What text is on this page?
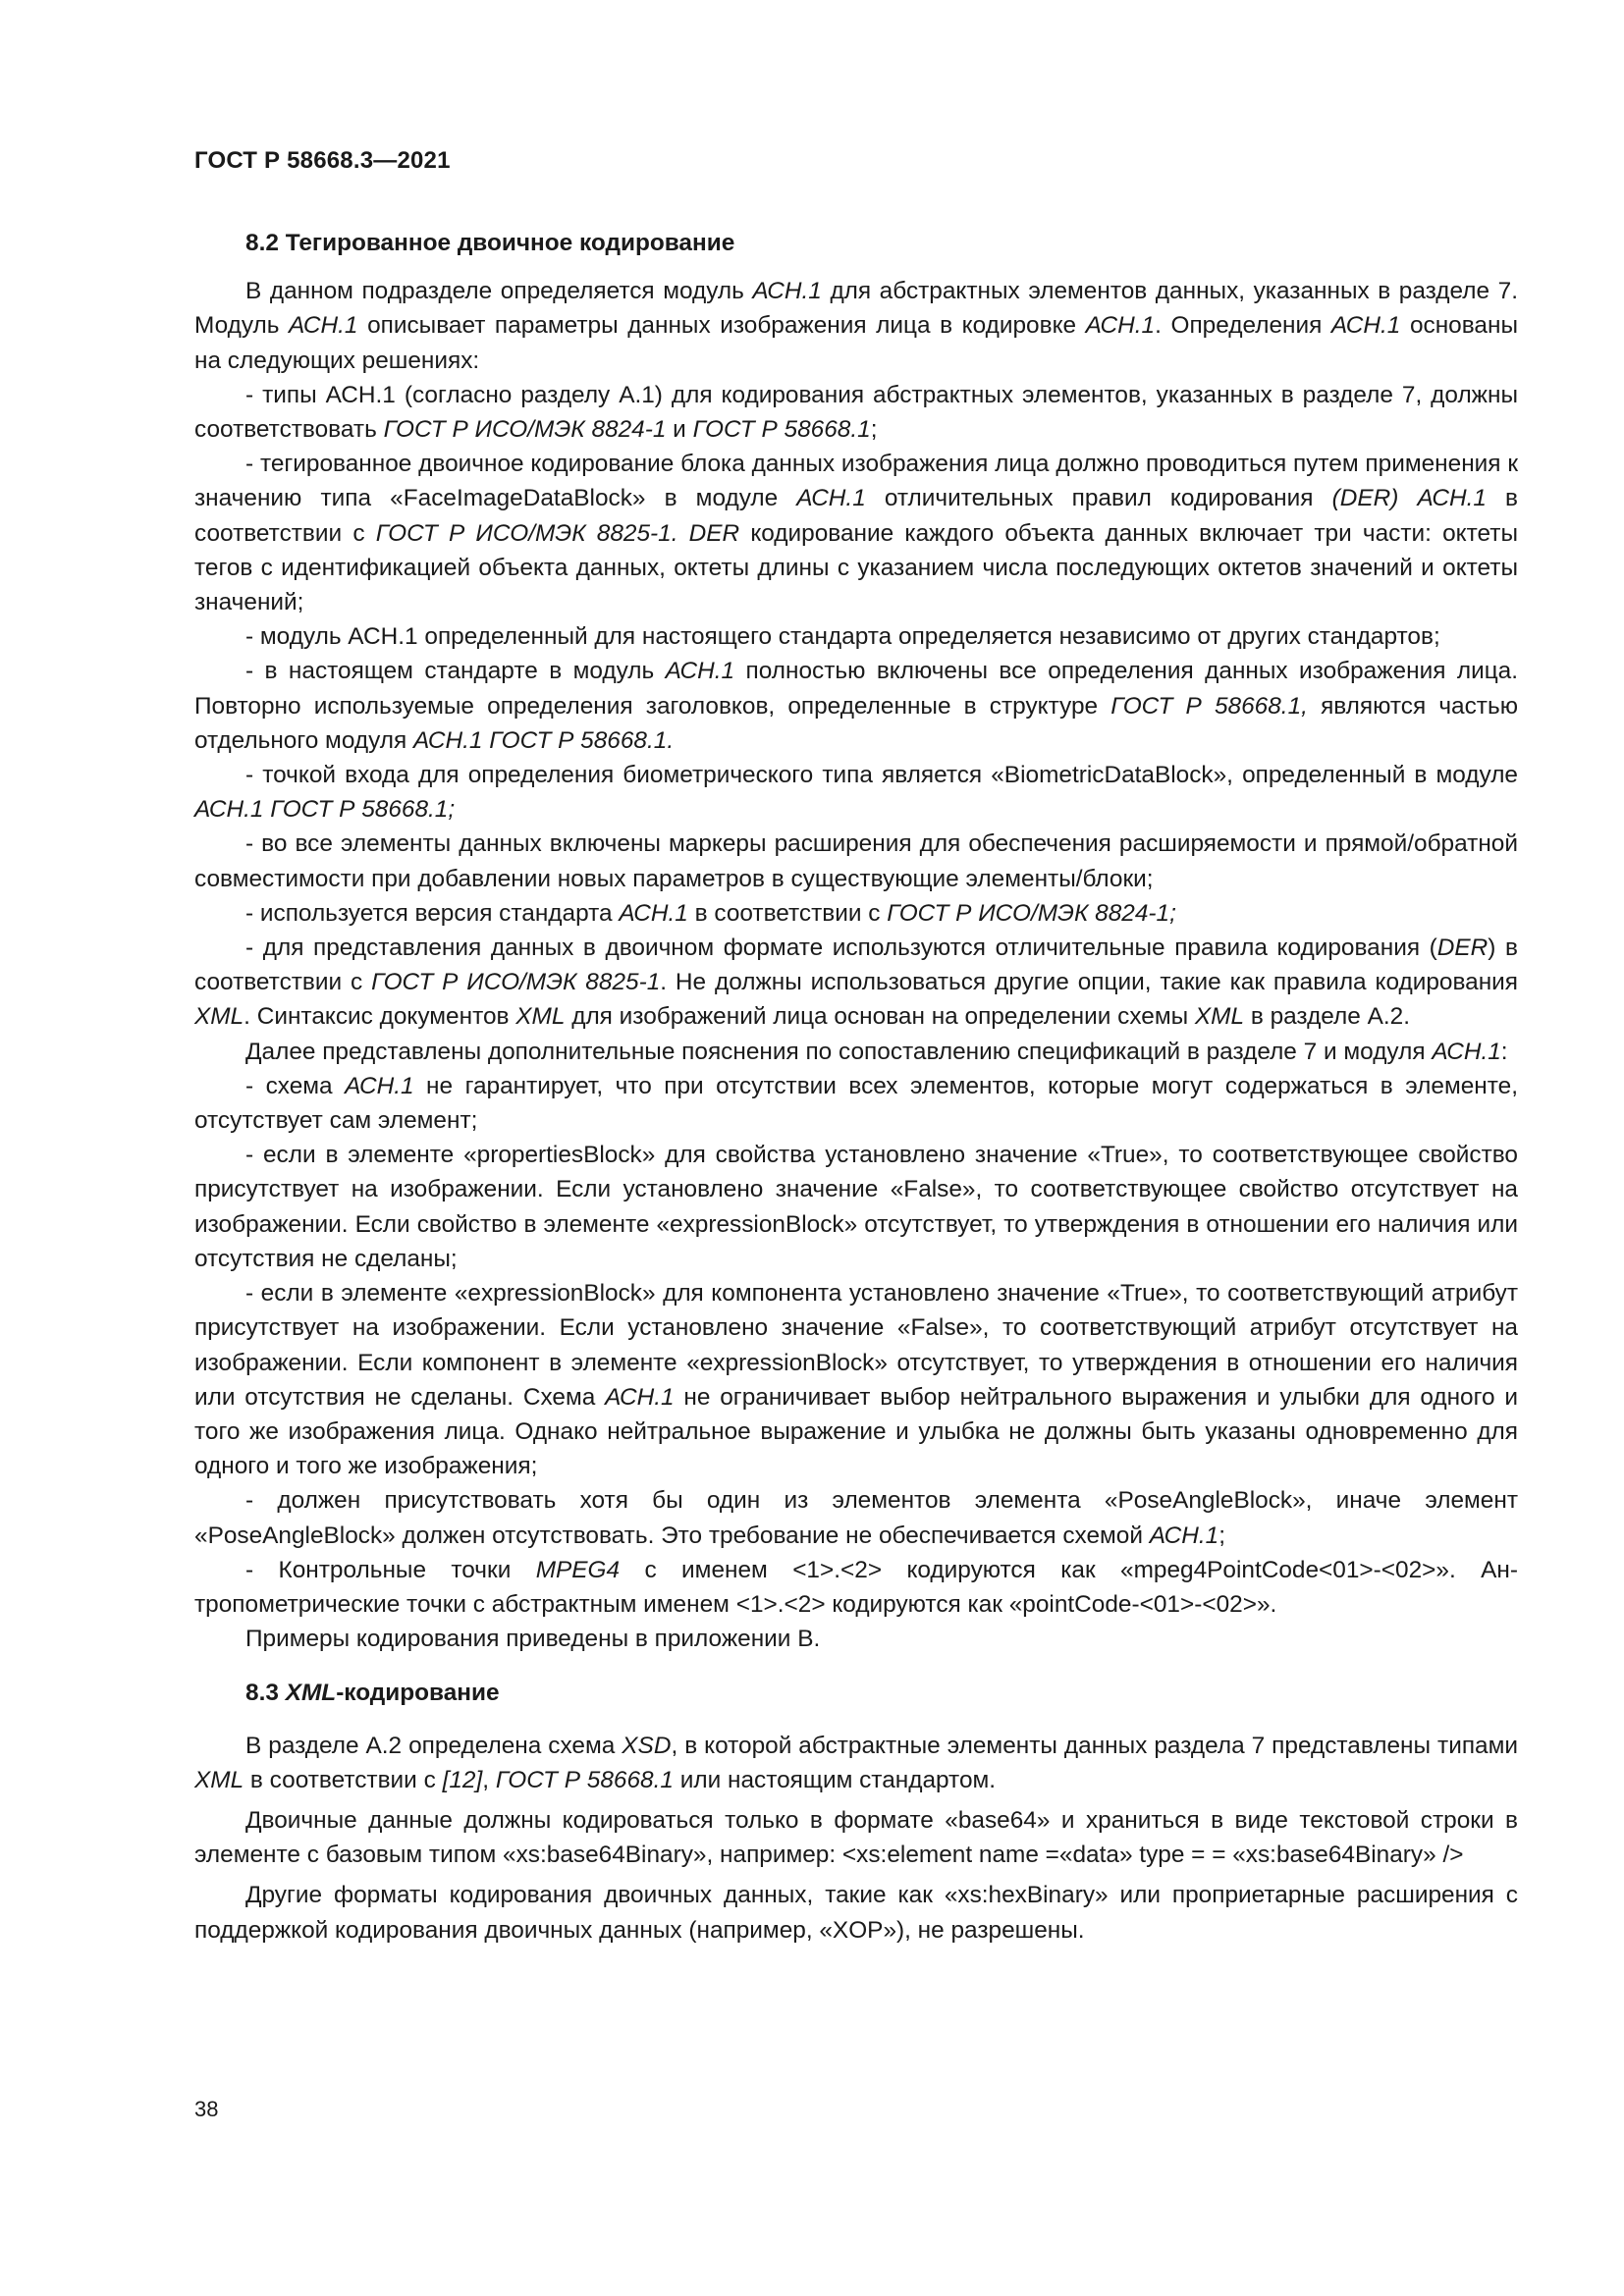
ГОСТ Р 58668.3—2021
8.2 Тегированное двоичное кодирование

В данном подразделе определяется модуль АСН.1 для абстрактных элементов данных, указанных в разделе 7. Модуль АСН.1 описывает параметры данных изображения лица в кодировке АСН.1. Определения АСН.1 основаны на следующих решениях:

- типы АСН.1 (согласно разделу А.1) для кодирования абстрактных элементов, указанных в разделе 7, должны соответствовать ГОСТ Р ИСО/МЭК 8824-1 и ГОСТ Р 58668.1;

- тегированное двоичное кодирование блока данных изображения лица должно проводиться путем применения к значению типа «FaceImageDataBlock» в модуле АСН.1 отличительных правил кодирования (DER) АСН.1 в соответствии с ГОСТ Р ИСО/МЭК 8825-1. DER кодирование каждого объекта данных включает три части: октеты тегов с идентификацией объекта данных, октеты длины с указанием числа последующих октетов значений и октеты значений;

- модуль АСН.1 определенный для настоящего стандарта определяется независимо от других стандартов;

- в настоящем стандарте в модуль АСН.1 полностью включены все определения данных изображения лица. Повторно используемые определения заголовков, определенные в структуре ГОСТ Р 58668.1, являются частью отдельного модуля АСН.1 ГОСТ Р 58668.1.

- точкой входа для определения биометрического типа является «BiometricDataBlock», определенный в модуле АСН.1 ГОСТ Р 58668.1;

- во все элементы данных включены маркеры расширения для обеспечения расширяемости и прямой/обратной совместимости при добавлении новых параметров в существующие элементы/блоки;

- используется версия стандарта АСН.1 в соответствии с ГОСТ Р ИСО/МЭК 8824-1;

- для представления данных в двоичном формате используются отличительные правила кодирования (DER) в соответствии с ГОСТ Р ИСО/МЭК 8825-1. Не должны использоваться другие опции, такие как правила кодирования XML. Синтаксис документов XML для изображений лица основан на определении схемы XML в разделе А.2.

Далее представлены дополнительные пояснения по сопоставлению спецификаций в разделе 7 и модуля АСН.1:

- схема АСН.1 не гарантирует, что при отсутствии всех элементов, которые могут содержаться в элементе, отсутствует сам элемент;

- если в элементе «propertiesBlock» для свойства установлено значение «True», то соответствующее свойство присутствует на изображении. Если установлено значение «False», то соответствующее свойство отсутствует на изображении. Если свойство в элементе «expressionBlock» отсутствует, то утверждения в отношении его наличия или отсутствия не сделаны;

- если в элементе «expressionBlock» для компонента установлено значение «True», то соответствующий атрибут присутствует на изображении. Если установлено значение «False», то соответствующий атрибут отсутствует на изображении. Если компонент в элементе «expressionBlock» отсутствует, то утверждения в отношении его наличия или отсутствия не сделаны. Схема АСН.1 не ограничивает выбор нейтрального выражения и улыбки для одного и того же изображения лица. Однако нейтральное выражение и улыбка не должны быть указаны одновременно для одного и того же изображения;

- должен присутствовать хотя бы один из элементов элемента «PoseAngleBlock», иначе элемент «PoseAngleBlock» должен отсутствовать. Это требование не обеспечивается схемой АСН.1;

- Контрольные точки MPEG4 с именем <1>.<2> кодируются как «mpeg4PointCode<01>-<02>». Антропометрические точки с абстрактным именем <1>.<2> кодируются как «pointCode-<01>-<02>».

Примеры кодирования приведены в приложении В.

8.3 XML-кодирование

В разделе А.2 определена схема XSD, в которой абстрактные элементы данных раздела 7 представлены типами XML в соответствии с [12], ГОСТ Р 58668.1 или настоящим стандартом.

Двоичные данные должны кодироваться только в формате «base64» и храниться в виде текстовой строки в элементе с базовым типом «xs:base64Binary», например: <xs:element name =«data» type = = «xs:base64Binary» />

Другие форматы кодирования двоичных данных, такие как «xs:hexBinary» или проприетарные расширения с поддержкой кодирования двоичных данных (например, «XOP»), не разрешены.

38
